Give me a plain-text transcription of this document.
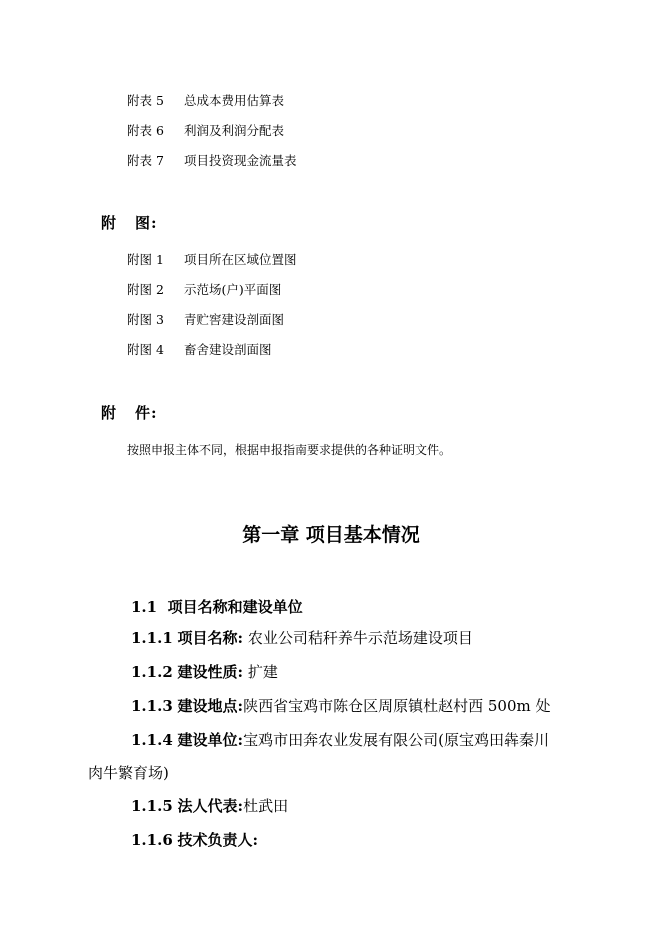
附表 5 总成本费用估算表
附表 6 利润及利润分配表
附表 7 项目投资现金流量表
附 图:
附图 1 项目所在区域位置图
附图 2 示范场(户)平面图
附图 3 青贮窖建设剖面图
附图 4 畜舍建设剖面图
附 件:
按照申报主体不同，根据申报指南要求提供的各种证明文件。
第一章 项目基本情况
1.1 项目名称和建设单位
1.1.1 项目名称: 农业公司秸秆养牛示范场建设项目
1.1.2 建设性质: 扩建
1.1.3 建设地点:陕西省宝鸡市陈仓区周原镇杜赵村西 500m 处
1.1.4 建设单位:宝鸡市田奔农业发展有限公司(原宝鸡田犇秦川
肉牛繁育场)
1.1.5 法人代表:杜武田
1.1.6 技术负责人:
